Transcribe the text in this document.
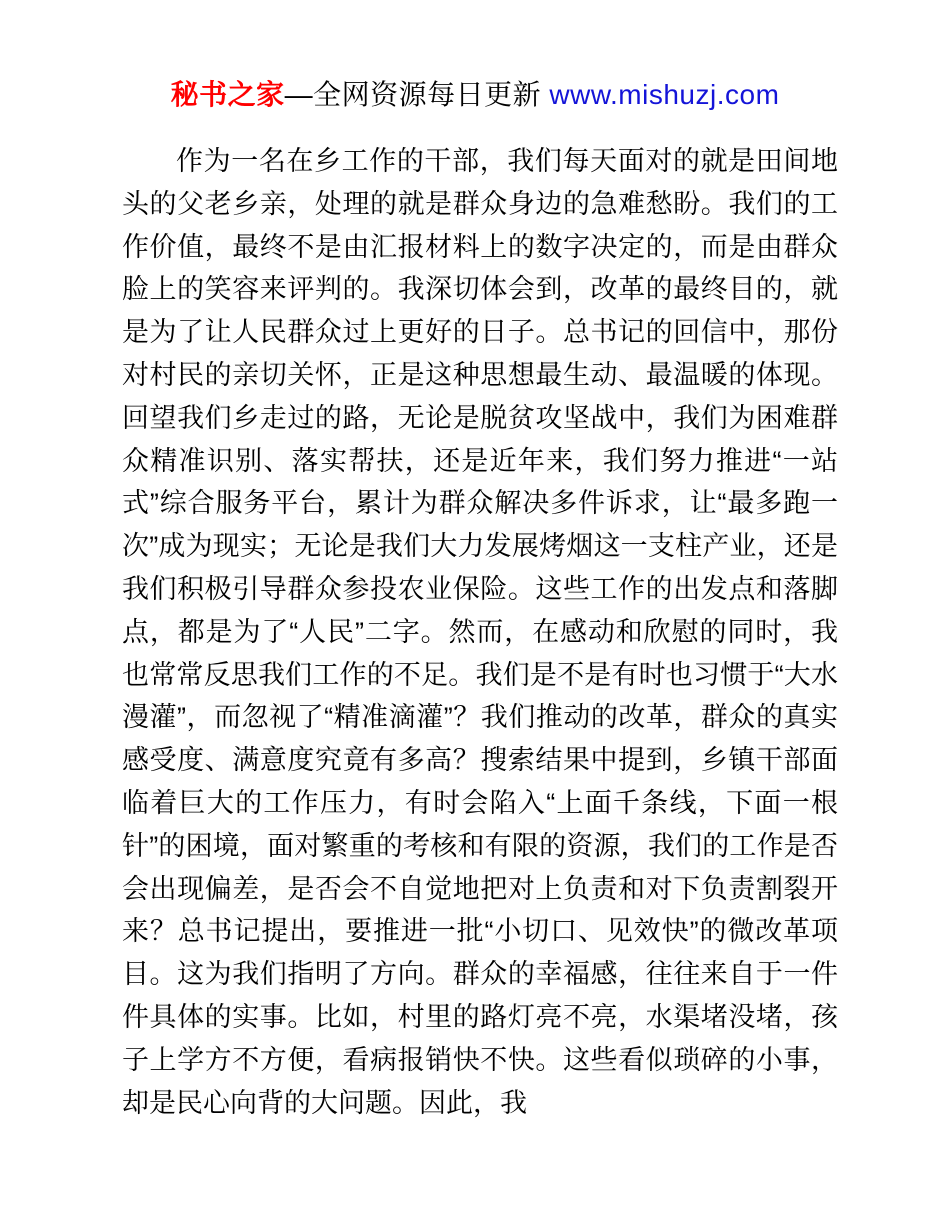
秘书之家—全网资源每日更新 www.mishuzj.com

作为一名在乡工作的干部，我们每天面对的就是田间地头的父老乡亲，处理的就是群众身边的急难愁盼。我们的工作价值，最终不是由汇报材料上的数字决定的，而是由群众脸上的笑容来评判的。我深切体会到，改革的最终目的，就是为了让人民群众过上更好的日子。总书记的回信中，那份对村民的亲切关怀，正是这种思想最生动、最温暖的体现。回望我们乡走过的路，无论是脱贫攻坚战中，我们为困难群众精准识别、落实帮扶，还是近年来，我们努力推进“一站式”综合服务平台，累计为群众解决多件诉求，让“最多跑一次”成为现实；无论是我们大力发展烤烟这一支柱产业，还是我们积极引导群众参投农业保险。这些工作的出发点和落脚点，都是为了“人民”二字。然而，在感动和欣慰的同时，我也常常反思我们工作的不足。我们是不是有时也习惯于“大水漫灌”，而忽视了“精准滴灌”？我们推动的改革，群众的真实感受度、满意度究竟有多高？搜索结果中提到，乡镇干部面临着巨大的工作压力，有时会陷入“上面千条线，下面一根针”的困境，面对繁重的考核和有限的资源，我们的工作是否会出现偏差，是否会不自觉地把对上负责和对下负责割裂开来？总书记提出，要推进一批“小切口、见效快”的微改革项目。这为我们指明了方向。群众的幸福感，往往来自于一件件具体的实事。比如，村里的路灯亮不亮，水渠堵没堵，孩子上学方不方便，看病报销快不快。这些看似琐碎的小事，却是民心向背的大问题。因此，我
